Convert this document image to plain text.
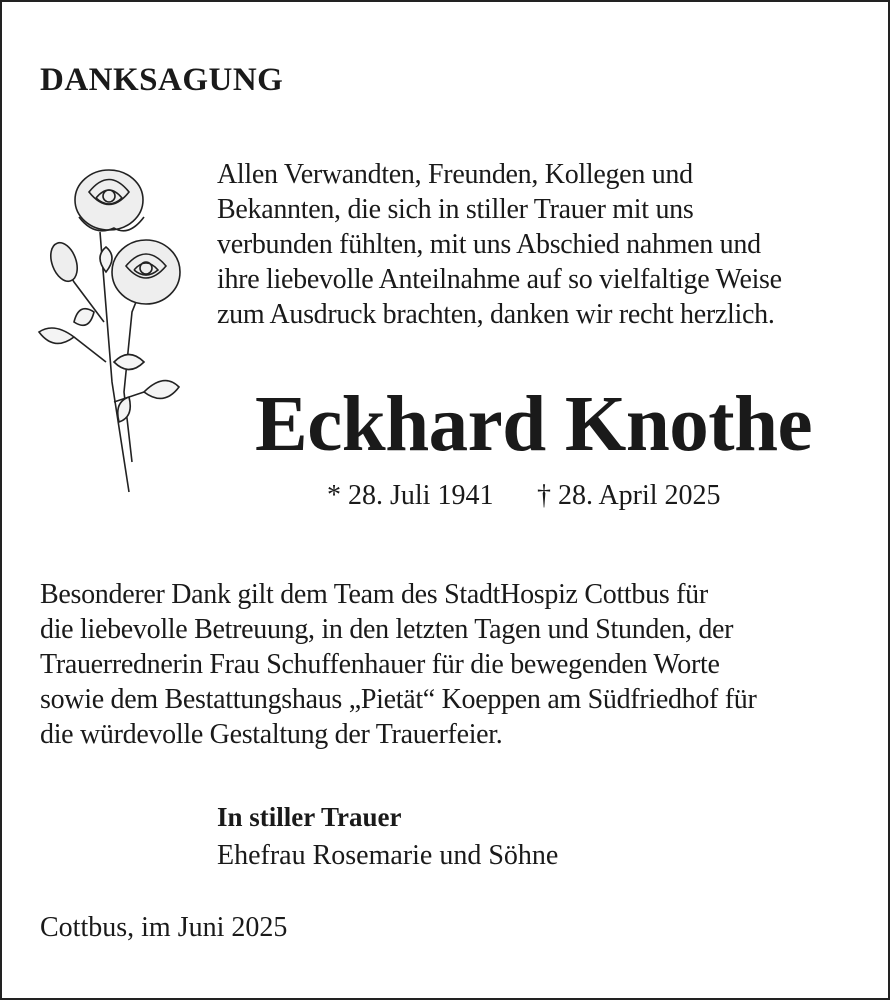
DANKSAGUNG
Allen Verwandten, Freunden, Kollegen und
Bekannten, die sich in stiller Trauer mit uns
verbunden fühlten, mit uns Abschied nahmen und
ihre liebevolle Anteilnahme auf so vielfaltige Weise
zum Ausdruck brachten, danken wir recht herzlich.
Eckhard Knothe
* 28. Juli 1941 † 28. April 2025
Besonderer Dank gilt dem Team des StadtHospiz Cottbus für
die liebevolle Betreuung, in den letzten Tagen und Stunden, der
Trauerrednerin Frau Schuffenhauer für die bewegenden Worte
sowie dem Bestattungshaus „Pietät“ Koeppen am Südfriedhof für
die würdevolle Gestaltung der Trauerfeier.
In stiller Trauer
Ehefrau Rosemarie und Söhne
Cottbus, im Juni 2025
